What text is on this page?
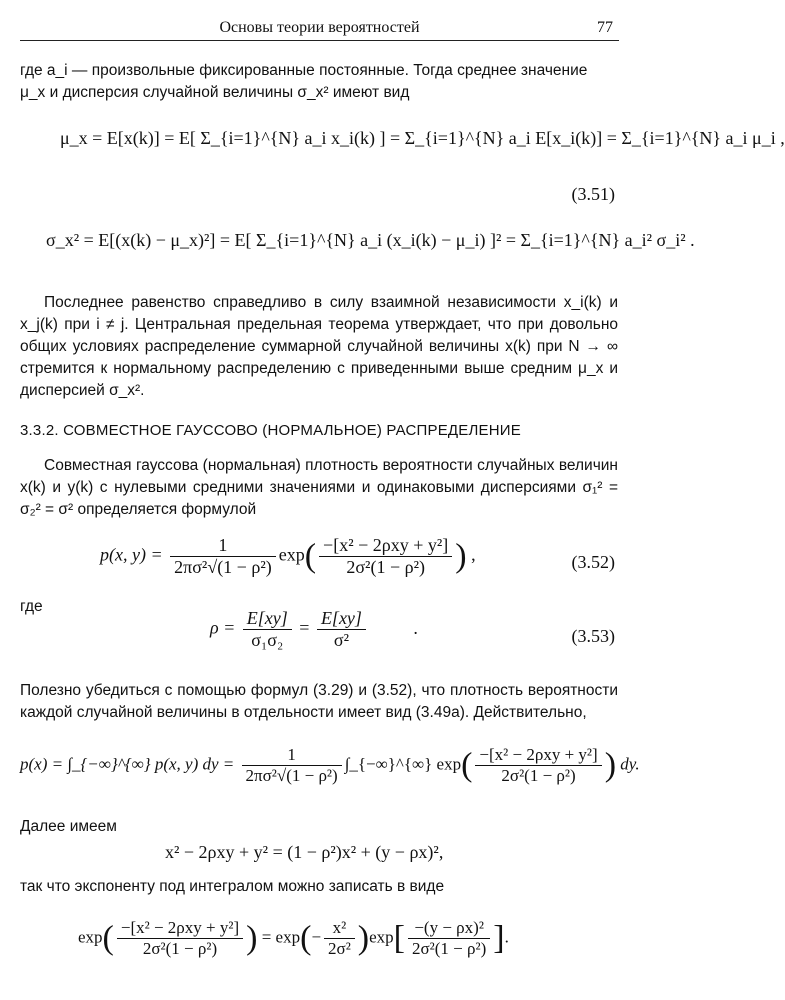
Основы теории вероятностей	77
где a_i — произвольные фиксированные постоянные. Тогда среднее значение
μ_x и дисперсия случайной величины σ_x² имеют вид
μ_x = E[x(k)] = E[ Σ_{i=1}^{N} a_i x_i(k) ] = Σ_{i=1}^{N} a_i E[x_i(k)] = Σ_{i=1}^{N} a_i μ_i ,
(3.51)
σ_x² = E[(x(k) − μ_x)²] = E[ Σ_{i=1}^{N} a_i (x_i(k) − μ_i) ]² = Σ_{i=1}^{N} a_i² σ_i² .
Последнее равенство справедливо в силу взаимной независимости x_i(k) и x_j(k) при i ≠ j. Центральная предельная теорема утверждает, что при довольно общих условиях распределение суммарной случайной величины x(k) при N → ∞ стремится к нормальному распределению с приведенными выше средним μ_x и дисперсией σ_x².
3.3.2. СОВМЕСТНОЕ ГАУССОВО (НОРМАЛЬНОЕ) РАСПРЕДЕЛЕНИЕ
Совместная гауссова (нормальная) плотность вероятности случайных величин x(k) и y(k) с нулевыми средними значениями и одинаковыми дисперсиями σ₁² = σ₂² = σ² определяется формулой
p(x, $y) = \frac{1}{\text{2πσ²√(1 − ρ²)}} \exp( \frac{\text{−[x² − 2ρxy + y²]}}{\text{2σ²(1 − ρ²)}}$ ) ,	(3.52)
где
$\rho = \frac{E[xy]}{\text{σ₁σ₂}} = \frac{E[xy]}{\text{σ²}}$	.	(3.53)
Полезно убедиться с помощью формул (3.29) и (3.52), что плотность вероятности каждой случайной величины в отдельности имеет вид (3.49а). Действительно,
p(x) = ∫_{−∞}^{∞} p(x, y) dy = $\frac{1}{\text{2πσ²√(1 − ρ²)}}$ ∫_{−∞}^{∞} $\exp( \frac{\text{−[x² − 2ρxy + y²]}}{\text{2σ²(1 − ρ²)}}$ ) dy.
Далее имеем
x² − 2ρxy + y² = (1 − ρ²)x² + (y − ρx)²,
так что экспоненту под интегралом можно записать в виде
$\exp( \frac{\text{−[x² − 2ρxy + y²]}}{\text{2σ²(1 − ρ²)}}$ ) = $\exp(- \frac{\text{x²}}{\text{2σ²}} )\exp[ \frac{\text{−(y − ρx)²}}{\text{2σ²(1 − ρ²)}}$ ].
